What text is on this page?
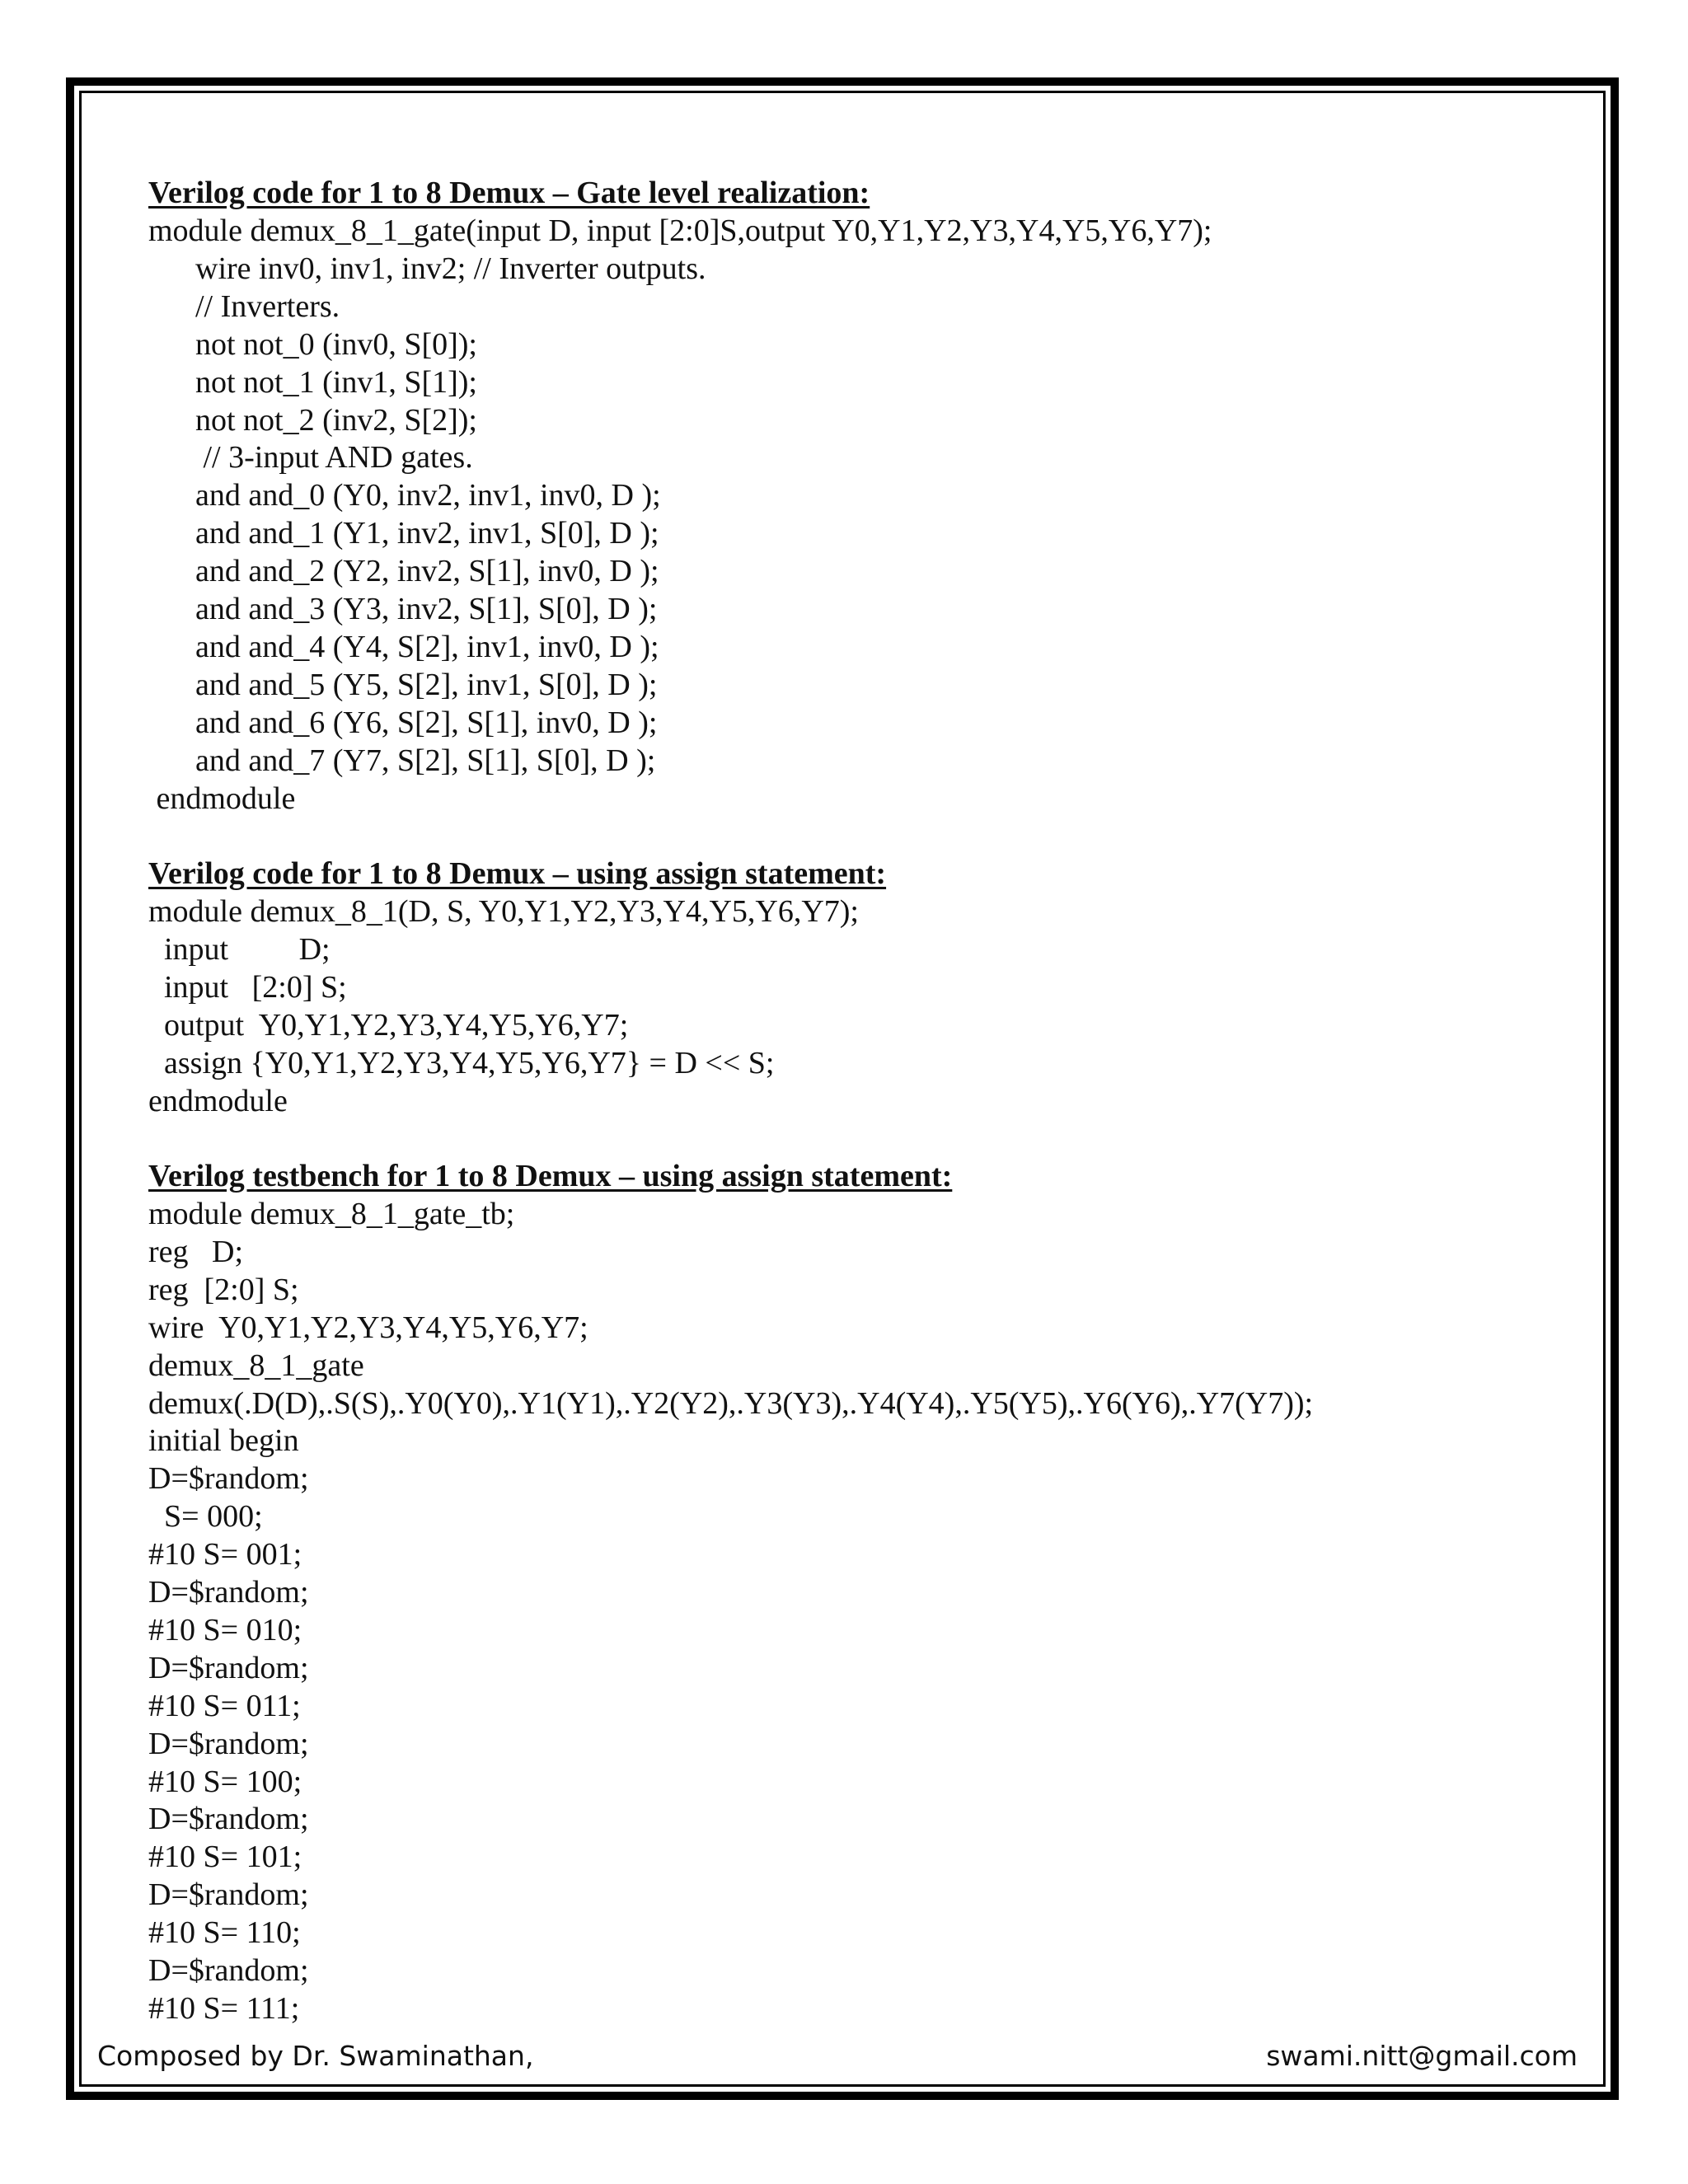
Verilog code for 1 to 8 Demux – Gate level realization:
Verilog code for 1 to 8 Demux – using assign statement:
Verilog testbench for 1 to 8 Demux – using assign statement:
Composed by Dr. Swaminathan,	swami.nitt@gmail.com
module demux_8_1_gate(input D, input [2:0]S,output Y0,Y1,Y2,Y3,Y4,Y5,Y6,Y7);
wire inv0, inv1, inv2; // Inverter outputs.
// Inverters.
not not_0 (inv0, S[0]);
not not_1 (inv1, S[1]);
not not_2 (inv2, S[2]);
// 3-input AND gates.
and and_0 (Y0, inv2, inv1, inv0, D );
and and_1 (Y1, inv2, inv1, S[0], D );
and and_2 (Y2, inv2, S[1], inv0, D );
and and_3 (Y3, inv2, S[1], S[0], D );
and and_4 (Y4, S[2], inv1, inv0, D );
and and_5 (Y5, S[2], inv1, S[0], D );
and and_6 (Y6, S[2], S[1], inv0, D );
and and_7 (Y7, S[2], S[1], S[0], D );
endmodule
module demux_8_1(D, S, Y0,Y1,Y2,Y3,Y4,Y5,Y6,Y7);
input         D;
input   [2:0] S;
output  Y0,Y1,Y2,Y3,Y4,Y5,Y6,Y7;
assign {Y0,Y1,Y2,Y3,Y4,Y5,Y6,Y7} = D << S;
endmodule
module demux_8_1_gate_tb;
reg   D;
reg  [2:0] S;
wire  Y0,Y1,Y2,Y3,Y4,Y5,Y6,Y7;
demux_8_1_gate
demux(.D(D),.S(S),.Y0(Y0),.Y1(Y1),.Y2(Y2),.Y3(Y3),.Y4(Y4),.Y5(Y5),.Y6(Y6),.Y7(Y7));
initial begin
D=$random;
S= 000;
#10 S= 001;
D=$random;
#10 S= 010;
D=$random;
#10 S= 011;
D=$random;
#10 S= 100;
D=$random;
#10 S= 101;
D=$random;
#10 S= 110;
D=$random;
#10 S= 111;
